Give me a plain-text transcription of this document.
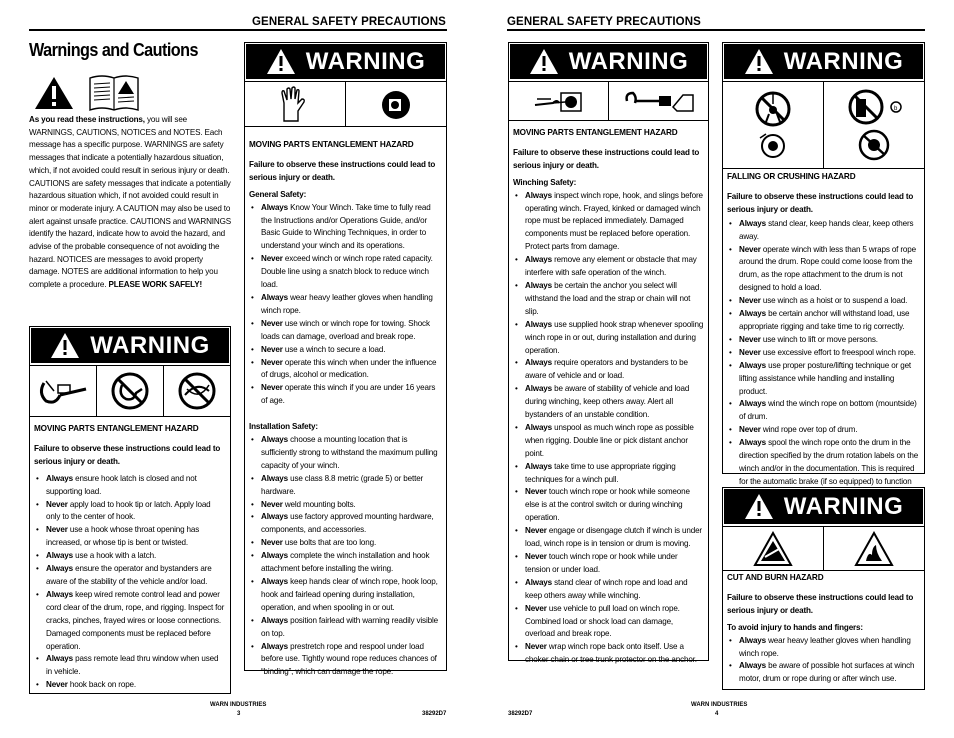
GENERAL SAFETY PRECAUTIONS
Warnings and Cautions
As you read these instructions, you will see WARNINGS, CAUTIONS, NOTICES and NOTES. Each message has a specific purpose. WARNINGS are safety messages that indicate a potentially hazardous situation, which, if not avoided could result in serious injury or death. CAUTIONS are safety messages that indicate a potentially hazardous situation which, if not avoided could result in minor or moderate injury. A CAUTION may also be used to alert against unsafe practice. CAUTIONS and WARNINGS identify the hazard, indicate how to avoid the hazard, and advise of the probable consequence of not avoiding the hazard. NOTICES are messages to avoid property damage. NOTES are additional information to help you complete a procedure. PLEASE WORK SAFELY!
WARNING
MOVING PARTS ENTANGLEMENT HAZARD
Failure to observe these instructions could lead to serious injury or death.
• Always ensure hook latch is closed and not supporting load.
• Never apply load to hook tip or latch. Apply load only to the center of hook.
• Never use a hook whose throat opening has increased, or whose tip is bent or twisted.
• Always use a hook with a latch.
• Always ensure the operator and bystanders are aware of the stability of the vehicle and/or load.
• Always keep wired remote control lead and power cord clear of the drum, rope, and rigging. Inspect for cracks, pinches, frayed wires or loose connections. Damaged components must be replaced before operation.
• Always pass remote lead thru window when used in vehicle.
• Never hook back on rope.
WARNING
MOVING PARTS ENTANGLEMENT HAZARD
Failure to observe these instructions could lead to serious injury or death.
General Safety:
• Always Know Your Winch. Take time to fully read the Instructions and/or Operations Guide, and/or Basic Guide to Winching Techniques, in order to understand your winch and its operations.
• Never exceed winch or winch rope rated capacity. Double line using a snatch block to reduce winch load.
• Always wear heavy leather gloves when handling winch rope.
• Never use winch or winch rope for towing. Shock loads can damage, overload and break rope.
• Never use a winch to secure a load.
• Never operate this winch when under the influence of drugs, alcohol or medication.
• Never operate this winch if you are under 16 years of age.
Installation Safety:
• Always choose a mounting location that is sufficiently strong to withstand the maximum pulling capacity of your winch.
• Always use class 8.8 metric (grade 5) or better hardware.
• Never weld mounting bolts.
• Always use factory approved mounting hardware, components, and accessories.
• Never use bolts that are too long.
• Always complete the winch installation and hook attachment before installing the wiring.
• Always keep hands clear of winch rope, hook loop, hook and fairlead opening during installation, operation, and when spooling in or out.
• Always position fairlead with warning readily visible on top.
• Always prestretch rope and respool under load before use. Tightly wound rope reduces chances of “binding”, which can damage the rope.
WARN INDUSTRIES
3	38292D7
GENERAL SAFETY PRECAUTIONS
WARNING
MOVING PARTS ENTANGLEMENT HAZARD
Failure to observe these instructions could lead to serious injury or death.
Winching Safety:
• Always inspect winch rope, hook, and slings before operating winch. Frayed, kinked or damaged winch rope must be replaced immediately. Damaged components must be replaced before operation. Protect parts from damage.
• Always remove any element or obstacle that may interfere with safe operation of the winch.
• Always be certain the anchor you select will withstand the load and the strap or chain will not slip.
• Always use supplied hook strap whenever spooling winch rope in or out, during installation and during operation.
• Always require operators and bystanders to be aware of vehicle and or load.
• Always be aware of stability of vehicle and load during winching, keep others away. Alert all bystanders of an unstable condition.
• Always unspool as much winch rope as possible when rigging. Double line or pick distant anchor point.
• Always take time to use appropriate rigging techniques for a winch pull.
• Never touch winch rope or hook while someone else is at the control switch or during winching operation.
• Never engage or disengage clutch if winch is under load, winch rope is in tension or drum is moving.
• Never touch winch rope or hook while under tension or under load.
• Always stand clear of winch rope and load and keep others away while winching.
• Never use vehicle to pull load on winch rope. Combined load or shock load can damage, overload and break rope.
• Never wrap winch rope back onto itself. Use a choker chain or tree trunk protector on the anchor.
WARNING
b
FALLING OR CRUSHING HAZARD
Failure to observe these instructions could lead to serious injury or death.
• Always stand clear, keep hands clear, keep others away.
• Never operate winch with less than 5 wraps of rope around the drum. Rope could come loose from the drum, as the rope attachment to the drum is not designed to hold a load.
• Never use winch as a hoist or to suspend a load.
• Always be certain anchor will withstand load, use appropriate rigging and take time to rig correctly.
• Never use winch to lift or move persons.
• Never use excessive effort to freespool winch rope.
• Always use proper posture/lifting technique or get lifting assistance while handling and installing product.
• Always wind the winch rope on bottom (mountside) of drum.
• Never wind rope over top of drum.
• Always spool the winch rope onto the drum in the direction specified by the drum rotation labels on the winch and/or in the documentation. This is required for the automatic brake (if so equipped) to function
WARNING
CUT AND BURN HAZARD
Failure to observe these instructions could lead to serious injury or death.
To avoid injury to hands and fingers:
• Always wear heavy leather gloves when handling winch rope.
• Always be aware of possible hot surfaces at winch motor, drum or rope during or after winch use.
WARN INDUSTRIES
4
38292D7
